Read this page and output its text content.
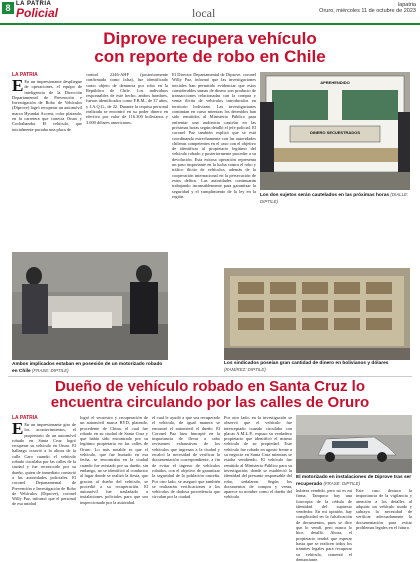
8 LA PATRIA
Policial	local
lapatria
Oruro, miércoles 11 de octubre de 2023
Diprove recupera vehículo
con reporte de robo en Chile
LA PATRIA
E En un impresionante despliegue de operaciones, el equipo de inteligencia de la Dirección Departamental de Prevención e Investigación de Robo de Vehículos (Diprove) logró recuperar un automóvil marca Hyundai Accent, color plateado, en la carretera que conecta Oruro y Cochabamba. El vehículo, que inicialmente portaba una placa de
control 2246-AHP (posteriormente confirmada como falsa), fue identificado como objeto de denuncia por robo en la República de Chile. Los individuos responsables de este hecho, ambos hombres, fueron identificados como F.B.M., de 37 años, y J.A.Q.G., de 22. Durante la requisa personal realizada se encontró en su poder dinero en efectivo por valor de 116.300 bolivianos y 3.000 dólares americanos.
El Director Departamental de Diprove, coronel Willy Paz, informó que las investigaciones iniciales han permitido evidenciar que estos considerables sumas de dinero son producto de transacciones relacionadas con la compra y venta ilícita de vehículos introducidos en territorio boliviano. Las investigaciones continúan en curso mientras los detenidos han sido remitidos al Ministerio Público para enfrentar una audiencia cautelar en las próximas horas según detalló el jefe policial. El coronel Paz también explicó que se está coordinando estrechamente con las autoridades chilenas competentes en el caso con el objetivo de identificar al propietario legítimo del vehículo robado y posteriormente proceder a su devolución. Esta exitosa operación representa un paso importante en la lucha contra el robo y tráfico ilícito de vehículos, además de la cooperación internacional en la persecución de estos delitos. Las autoridades continuarán trabajando incansablemente para garantizar la seguridad y el cumplimiento de la ley en la región.
Ambos implicados estaban en posesión de un motorizado robado en Chile (FRASE: DIPTILE)
APREHENDIDO
DINERO SECUESTRADOS
Los dos sujetos serán cautelados en las próximas horas (DIALLE: DIPTILE)
Los sindicados poseían gran cantidad de dinero en bolivianos y dólares (RAMÍREZ: DIPTILE)
Dueño de vehículo robado en Santa Cruz lo
encuentra circulando por las calles de Oruro
LA PATRIA
E En un impresionante giro de los acontecimientos, el propietario de un automóvil robado en Santa Cruz logró recuperar su vehículo en Oruro. El hallazgo ocurrió a la altura de la calle Caro cuando el vehículo robado circulaba por las calles de la ciudad y fue reconocido por su dueño, quien de inmediato contactó a las autoridades policiales. El coronel Departamental de Prevención e Investigación de Robo de Vehículos (Diprove), coronel Willy Paz, informó que el personal de esa unidad
logró el secuestro y recuperación de un automóvil marca BYD, plateado, procedente de China, el cual fue robado en su ciudad de Santa Cruz y que había sido encontrado por su legítimo propietario en las calles de Oruro. Lo más notable es que el vehículo, que fue hurtado en esa fecha, se encontraba en la ciudad cuando fue avistado por su dueño, sin embargo, no se identificó al conductor al lugar donde se realizó la fiesta, que gracias al dueño del vehículo, se procedió a su recuperación. El automóvil fue trasladado a instalaciones policiales para que sea inspeccionado por la autoridad.
el cual le ayudó a que sea recuperado el vehículo, de igual manera se encontró el automóvil el dueño. El Coronel Paz hizo hincapié en la importancia de llevar a cabo revisiones exhaustivas de los vehículos que ingresan a la ciudad y recalcó la necesidad de verificar la documentación correspondiente, a fin de evitar el ingreso de vehículos robados, con el objetivo de garantizar la seguridad de la población orureña. Por otro lado, se aseguró que también se realizarán verificaciones a los vehículos de dudosa procedencia que circulan por la ciudad.
Por otro lado, en la investigación se observó que el vehículo fue interceptado cuando circulaba con placas A.M.L.P., expuso su verdadero propietario que identificó el mismo vehículo de su propiedad. Este vehículo fue robado en agosto frente a su negocio en Santa Cruz mientras se estaba vendiendo. El vehículo fue remitido al Ministerio Público para su investigación, donde se estableció la identidad del presunto responsable del robo, señalaron. Según los documentos de compra y venta, aparece su nombre como el dueño del vehículo.
El motorizado en instalaciones de Diprove tras ser recuperado (FRASE: DIPTILE)
hubiera vendido, pero no es mi firma. Tampoco hay una fotocopia de la cédula de identidad del supuesto vendedor. En mi opinión, hay complicidad en la falsificación de documentos, pues se dice que lo vendí, pero nunca lo hice, detalló. Ahora, el propietario tendrá que esperar hasta que se realicen todos los trámites legales para recuperar su vehículo, comentó el denunciante.
Este caso destaca la importancia de la vigilancia y atención a los detalles al adquirir un vehículo usado y subraya la necesidad de verificar adecuadamente la documentación para evitar problemas legales en el futuro.
